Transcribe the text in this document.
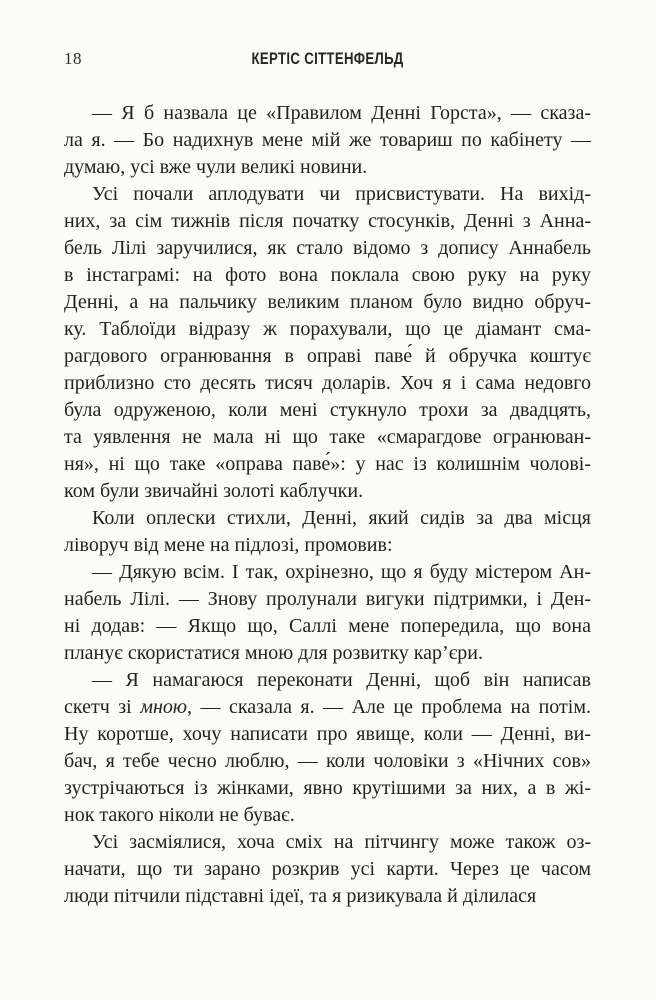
18	КЕРТІС СІТТЕНФЕЛЬД

— Я б назвала це «Правилом Денні Горста», — сказа-
ла я. — Бо надихнув мене мій же товариш по кабінету —
думаю, усі вже чули великі новини.

Усі почали аплодувати чи присвистувати. На вихід-
них, за сім тижнів після початку стосунків, Денні з Анна-
бель Лілі заручилися, як стало відомо з допису Аннабель
в інстаграмі: на фото вона поклала свою руку на руку
Денні, а на пальчику великим планом було видно обруч-
ку. Таблоїди відразу ж порахували, що це діамант сма-
рагдового огранювання в оправі паве́ й обручка коштує
приблизно сто десять тисяч доларів. Хоч я і сама недовго
була одруженою, коли мені стукнуло трохи за двадцять,
та уявлення не мала ні що таке «смарагдове огранюван-
ня», ні що таке «оправа паве́»: у нас із колишнім чолові-
ком були звичайні золоті каблучки.

Коли оплески стихли, Денні, який сидів за два місця
ліворуч від мене на підлозі, промовив:

— Дякую всім. І так, охрінезно, що я буду містером Ан-
набель Лілі. — Знову пролунали вигуки підтримки, і Ден-
ні додав: — Якщо що, Саллі мене попередила, що вона
планує скористатися мною для розвитку кар’єри.

— Я намагаюся переконати Денні, щоб він написав
скетч зі мною, — сказала я. — Але це проблема на потім.
Ну коротше, хочу написати про явище, коли — Денні, ви-
бач, я тебе чесно люблю, — коли чоловіки з «Нічних сов»
зустрічаються із жінками, явно крутішими за них, а в жі-
нок такого ніколи не буває.

Усі засміялися, хоча сміх на пітчингу може також оз-
начати, що ти зарано розкрив усі карти. Через це часом
люди пітчили підставні ідеї, та я ризикувала й ділилася
